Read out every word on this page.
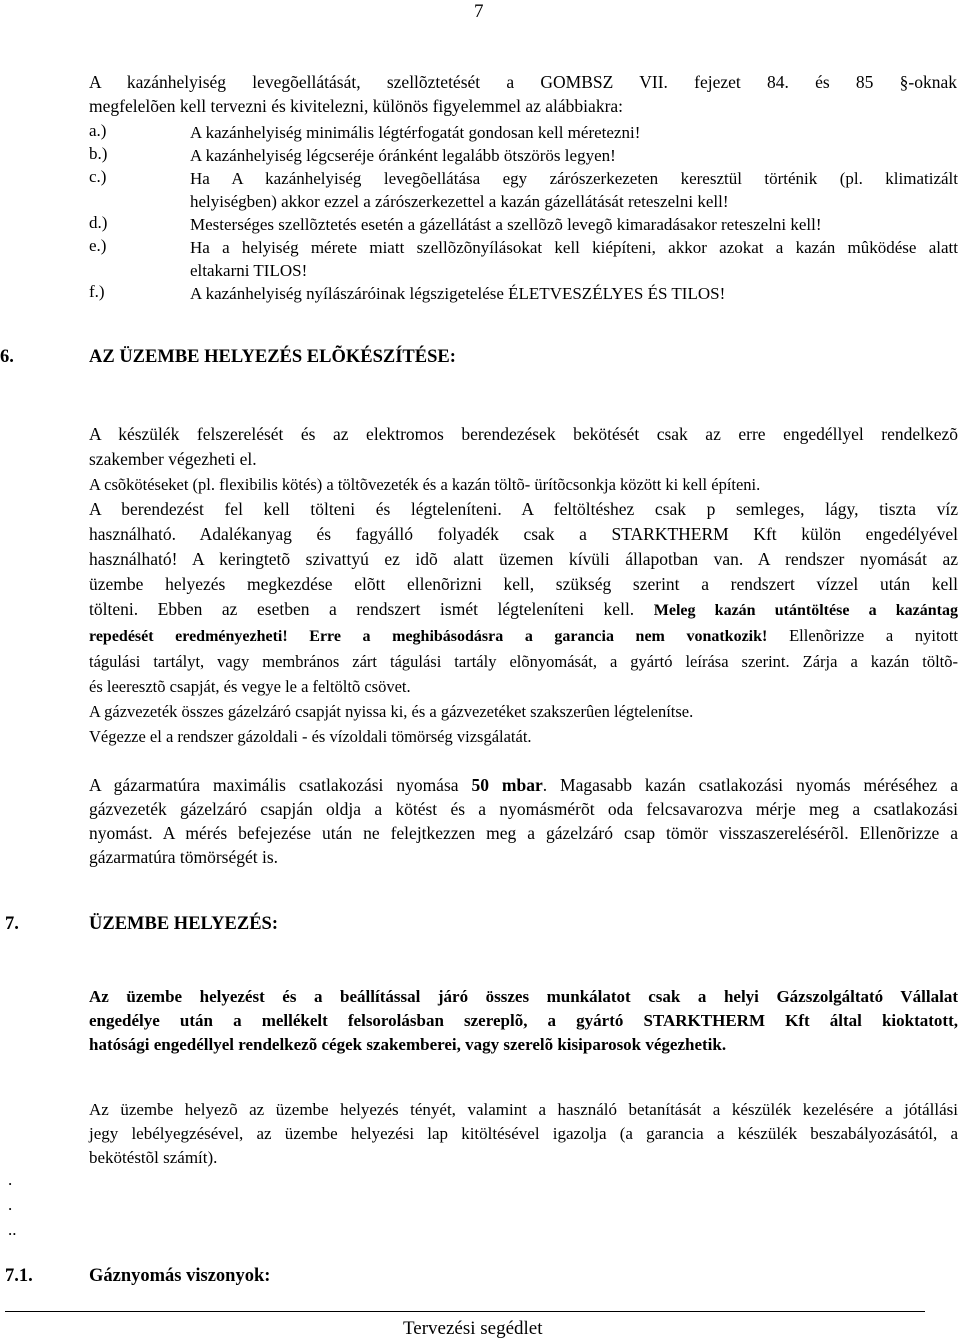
7
A kazánhelyiség levegõellátását, szellõztetését a GOMBSZ VII. fejezet 84. és 85 §-oknak
megfelelõen kell tervezni és kivitelezni, különös figyelemmel az alábbiakra:
a.)	A kazánhelyiség minimális légtérfogatát gondosan kell méretezni!
b.)	A kazánhelyiség légcseréje óránként legalább ötszörös legyen!
c.)	Ha A kazánhelyiség levegõellátása egy zárószerkezeten keresztül történik (pl. klimatizált
helyiségben) akkor ezzel a zárószerkezettel a kazán gázellátását reteszelni kell!
d.)	Mesterséges szellõztetés esetén a gázellátást a szellõzõ levegõ kimaradásakor reteszelni kell!
e.)	Ha a helyiség mérete miatt szellõzõnyílásokat kell kiépíteni, akkor azokat a kazán mûködése alatt
eltakarni TILOS!
f.)	A kazánhelyiség nyílászáróinak légszigetelése ÉLETVESZÉLYES ÉS TILOS!
6.	AZ ÜZEMBE HELYEZÉS ELÕKÉSZÍTÉSE:
A készülék felszerelését és az elektromos berendezések bekötését csak az erre engedéllyel rendelkezõ
szakember végezheti el.
A csõkötéseket (pl. flexibilis kötés) a töltõvezeték és a kazán töltõ- ürítõcsonkja között ki kell építeni.
A berendezést fel kell tölteni és légteleníteni. A feltöltéshez csak p semleges, lágy, tiszta víz
használható. Adalékanyag és fagyálló folyadék csak a STARKTHERM Kft külön engedélyével
használható! A keringtetõ szivattyú ez idõ alatt üzemen kívüli állapotban van. A rendszer nyomását az
üzembe helyezés megkezdése elõtt ellenõrizni kell, szükség szerint a rendszert vízzel után kell
tölteni. Ebben az esetben a rendszert ismét légteleníteni kell. Meleg kazán utántöltése a kazántag
repedését eredményezheti! Erre a meghibásodásra a garancia nem vonatkozik! Ellenõrizze a nyitott
tágulási tartályt, vagy membrános zárt tágulási tartály elõnyomását, a gyártó leírása szerint. Zárja a kazán töltõ-
és leeresztõ csapját, és vegye le a feltöltõ csövet.
A gázvezeték összes gázelzáró csapját nyissa ki, és a gázvezetéket szakszerûen légtelenítse.
Végezze el a rendszer gázoldali - és vízoldali tömörség vizsgálatát.
A gázarmatúra maximális csatlakozási nyomása 50 mbar. Magasabb kazán csatlakozási nyomás méréséhez a
gázvezeték gázelzáró csapján oldja a kötést és a nyomásmérõt oda felcsavarozva mérje meg a csatlakozási
nyomást. A mérés befejezése után ne felejtkezzen meg a gázelzáró csap tömör visszaszerelésérõl. Ellenõrizze a
gázarmatúra tömörségét is.
7.	ÜZEMBE HELYEZÉS:
Az üzembe helyezést és a beállítással járó összes munkálatot csak a helyi Gázszolgáltató Vállalat
engedélye után a mellékelt felsorolásban szereplõ, a gyártó STARKTHERM Kft által kioktatott,
hatósági engedéllyel rendelkezõ cégek szakemberei, vagy szerelõ kisiparosok végezhetik.
Az üzembe helyezõ az üzembe helyezés tényét, valamint a használó betanítását a készülék kezelésére a jótállási
jegy lebélyegzésével, az üzembe helyezési lap kitöltésével igazolja (a garancia a készülék beszabályozásától, a
bekötéstõl számít).
.
.
..
7.1.	Gáznyomás viszonyok:
Tervezési segédlet
